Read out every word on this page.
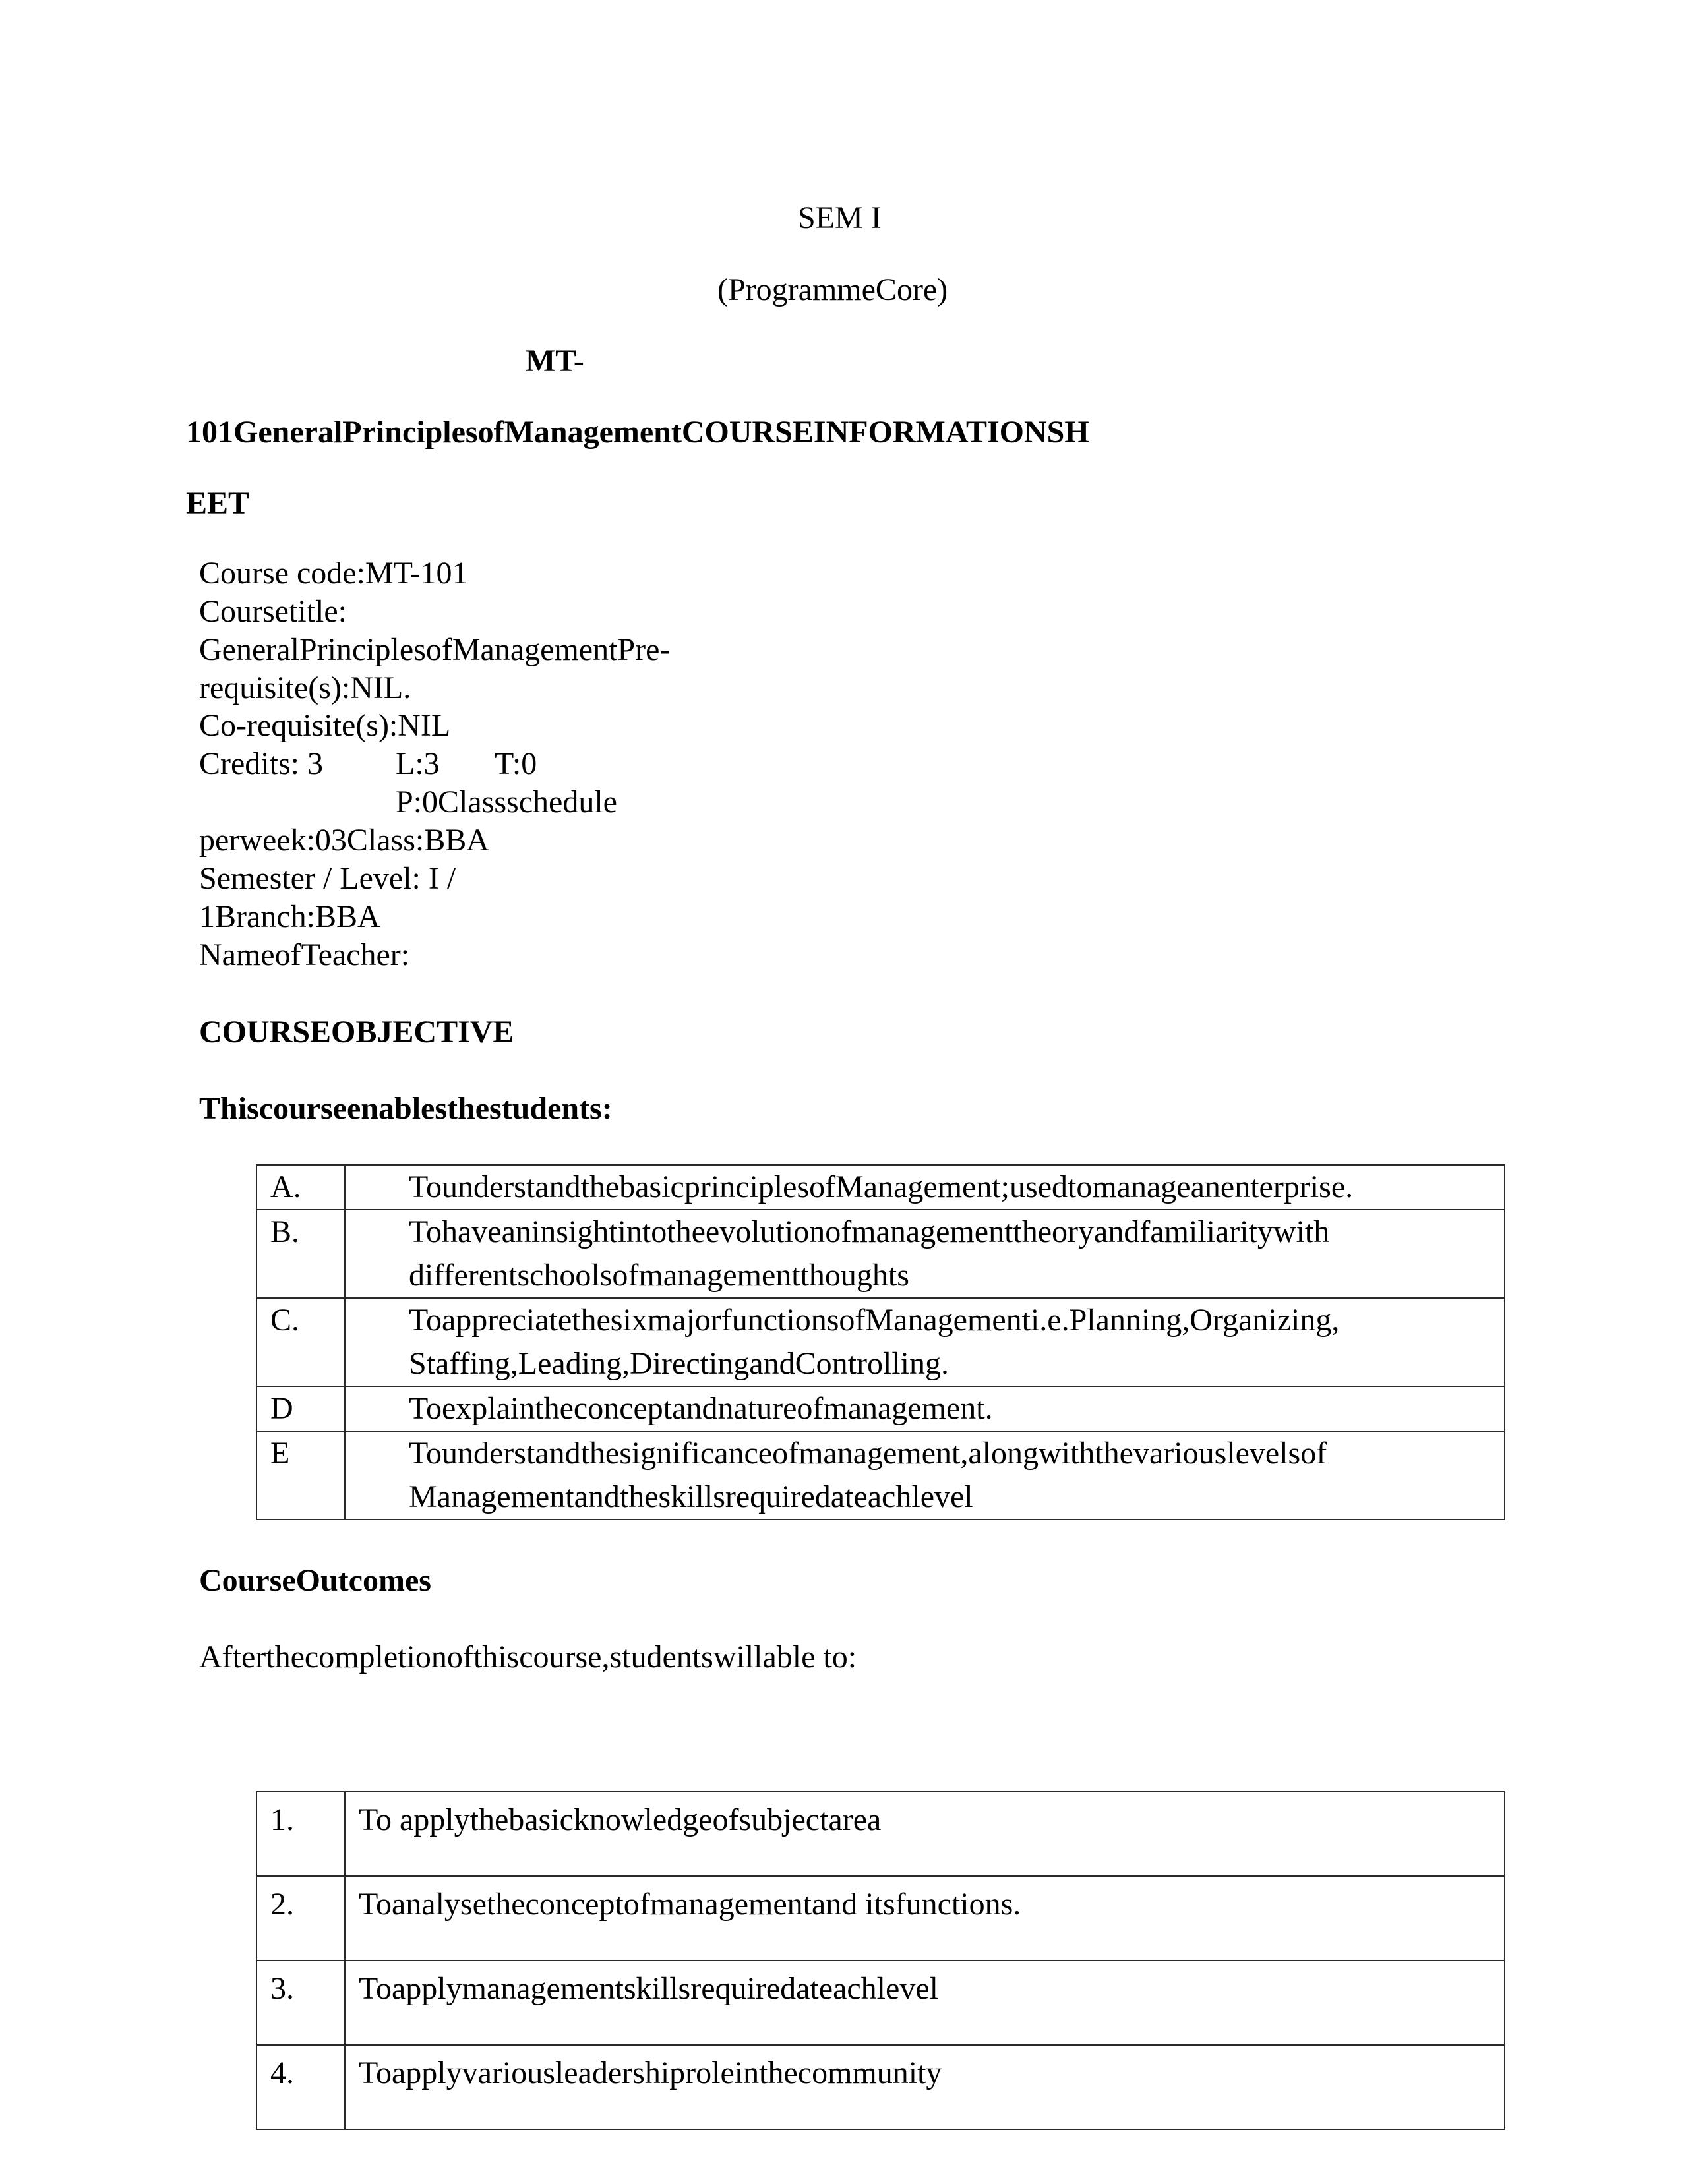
SEM I
(ProgrammeCore)
MT-
101GeneralPrinciplesofManagementCOURSEINFORMATIONSH
EET
Course code:MT-101
Coursetitle:
GeneralPrinciplesofManagementPre-
requisite(s):NIL.
Co-requisite(s):NIL
Credits: 3 L:3 T:0
P:0Classschedule
perweek:03Class:BBA
Semester / Level: I /
1Branch:BBA
NameofTeacher:
COURSEOBJECTIVE
Thiscourseenablesthestudents:
A.	TounderstandthebasicprinciplesofManagement;usedtomanageanenterprise.
B.	Tohaveaninsightintotheevolutionofmanagementtheoryandfamiliaritywith
differentschoolsofmanagementthoughts
C.	ToappreciatethesixmajorfunctionsofManagementi.e.Planning,Organizing,
Staffing,Leading,DirectingandControlling.
D	Toexplaintheconceptandnatureofmanagement.
E	Tounderstandthesignificanceofmanagement,alongwiththevariouslevelsof
Managementandtheskillsrequiredateachlevel
CourseOutcomes
Afterthecompletionofthiscourse,studentswillable to:
1.	To applythebasicknowledgeofsubjectarea
2.	Toanalysetheconceptofmanagementand itsfunctions.
3.	Toapplymanagementskillsrequiredateachlevel
4.	Toapplyvariousleadershiproleinthecommunity
